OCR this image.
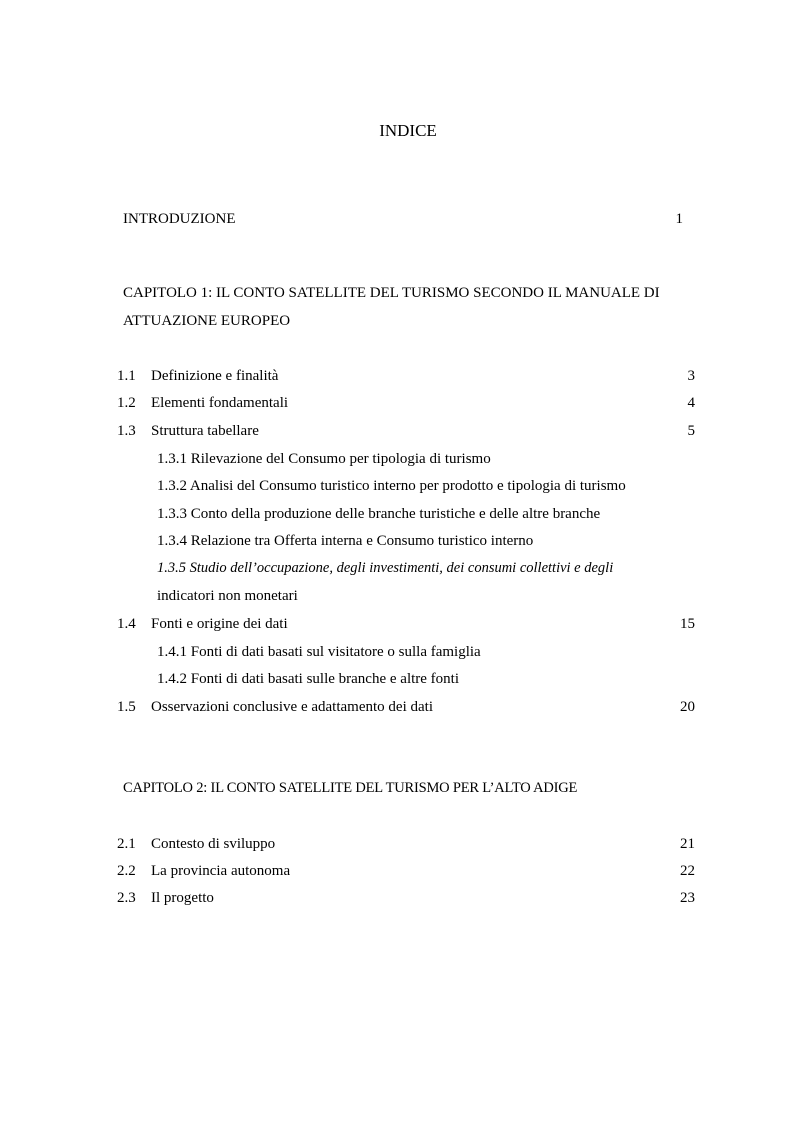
INDICE
INTRODUZIONE	1
CAPITOLO 1: IL CONTO SATELLITE DEL TURISMO SECONDO IL MANUALE DI
ATTUAZIONE EUROPEO
1.1 Definizione e finalità	3
1.2 Elementi fondamentali	4
1.3 Struttura tabellare	5
1.3.1 Rilevazione del Consumo per tipologia di turismo
1.3.2 Analisi del Consumo turistico interno per prodotto e tipologia di turismo
1.3.3 Conto della produzione delle branche turistiche e delle altre branche
1.3.4 Relazione tra Offerta interna e Consumo turistico interno
1.3.5 Studio dell’occupazione, degli investimenti, dei consumi collettivi e degli
indicatori non monetari
1.4 Fonti e origine dei dati	15
1.4.1 Fonti di dati basati sul visitatore o sulla famiglia
1.4.2 Fonti di dati basati sulle branche e altre fonti
1.5 Osservazioni conclusive e adattamento dei dati	20
CAPITOLO 2: IL CONTO SATELLITE DEL TURISMO PER L’ALTO ADIGE
2.1 Contesto di sviluppo	21
2.2 La provincia autonoma	22
2.3 Il progetto	23
